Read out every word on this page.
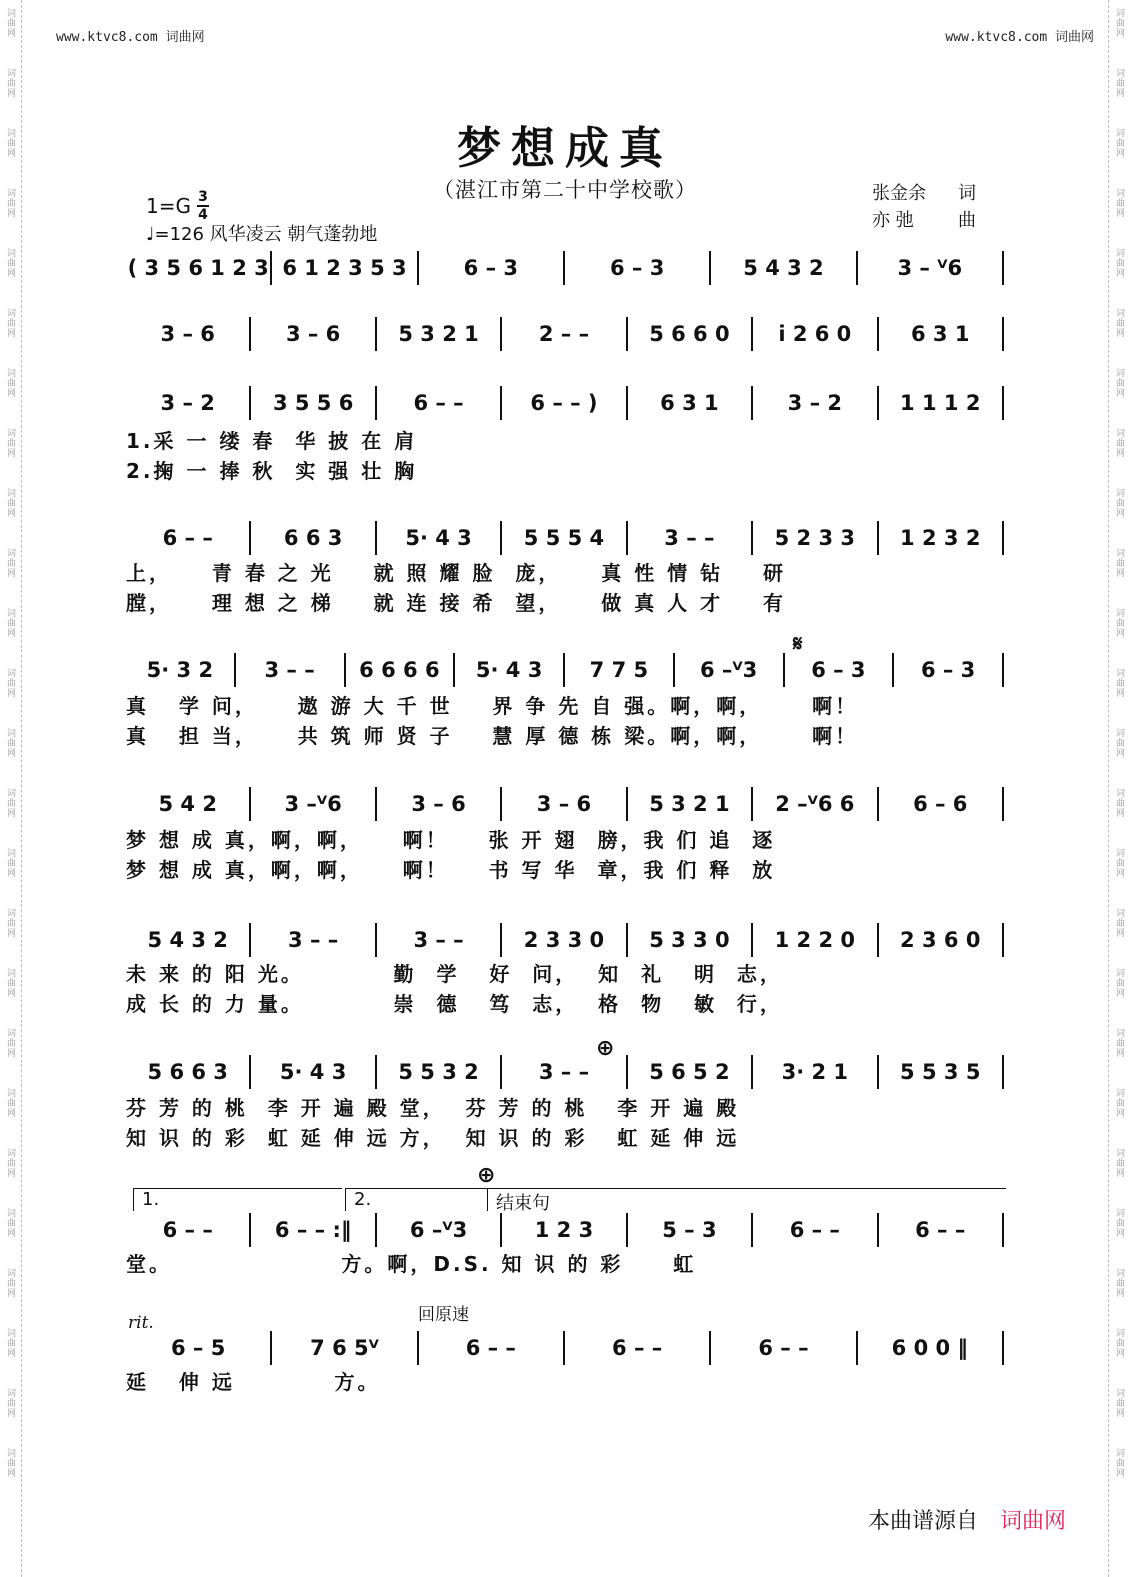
词曲网
词曲网
词曲网
词曲网
词曲网
词曲网
词曲网
词曲网
词曲网
词曲网
词曲网
词曲网
词曲网
词曲网
词曲网
词曲网
词曲网
词曲网
词曲网
词曲网
词曲网
词曲网
词曲网
词曲网
词曲网
词曲网
词曲网
词曲网
词曲网
词曲网
词曲网
词曲网
词曲网
词曲网
词曲网
词曲网
词曲网
词曲网
词曲网
词曲网
词曲网
词曲网
词曲网
词曲网
词曲网
词曲网
词曲网
词曲网
词曲网
词曲网
www.ktvc8.com 词曲网	www.ktvc8.com 词曲网
梦想成真
（湛江市第二十中学校歌）
1=G 3
4
♩=126 风华凌云 朝气蓬勃地
张金余 词
亦 弛 曲
( 3 5 6 1 2 3 6 1 2 3 5 3	6 – 3	6 – 3	5 4 3 2	3 – ⱽ6
3 – 6	3 – 6	5 3 2 1	2 – –	5 6 6 0	i 2 6 0	6 3 1
3 – 2	3 5 5 6	6 – –	6 – – )	6 3 1	3 – 2	1 1 1 2
1.采 一 缕 春  华 披 在 肩
2.掬 一 捧 秋  实 强 壮 胸
6 – –	6 6 3	5· 4 3	5 5 5 4	3 – –	5 2 3 3	1 2 3 2
上，    青 春 之 光    就 照 耀 脸  庞，    真 性 情 钻    研
膛，    理 想 之 梯    就 连 接 希  望，    做 真 人 才    有
5· 3 2	3 – –	6 6 6 6	5· 4 3	7 7 5	6 –ⱽ3	6 – 3	6 – 3
真   学 问，    遨 游 大 千 世    界 争 先 自 强。啊，啊，     啊！
真   担 当，    共 筑 师 贤 子    慧 厚 德 栋 梁。啊，啊，     啊！
5 4 2	3 –ⱽ6	3 – 6	3 – 6	5 3 2 1	2 –ⱽ6 6	6 – 6
梦 想 成 真，啊，啊，    啊！    张 开 翅  膀，我 们 追  逐
梦 想 成 真，啊，啊，    啊！    书 写 华  章，我 们 释  放
5 4 3 2	3 – –	3 – –	2 3 3 0	5 3 3 0	1 2 2 0	2 3 6 0
未 来 的 阳 光。         勤  学   好  问，  知  礼   明  志，
成 长 的 力 量。         崇  德   笃  志，  格  物   敏  行，
5 6 6 3	5· 4 3	5 5 3 2	3 – –	5 6 5 2	3· 2 1	5 5 3 5
芬 芳 的 桃  李 开 遍 殿 堂，  芬 芳 的 桃   李 开 遍 殿
知 识 的 彩  虹 延 伸 远 方，  知 识 的 彩   虹 延 伸 远
6 – –	6 – – :‖	6 –ⱽ3	1 2 3	5 – 3	6 – –	6 – –
堂。                 方。啊，D.S. 知 识 的 彩     虹
6 – 5	7 6 5ⱽ	6 – –	6 – –	6 – –	6 0 0 ‖
延   伸 远          方。
𝄋
⊕
⊕
1.	2.	结束句
rit.	回原速
本曲谱源自 词曲网
